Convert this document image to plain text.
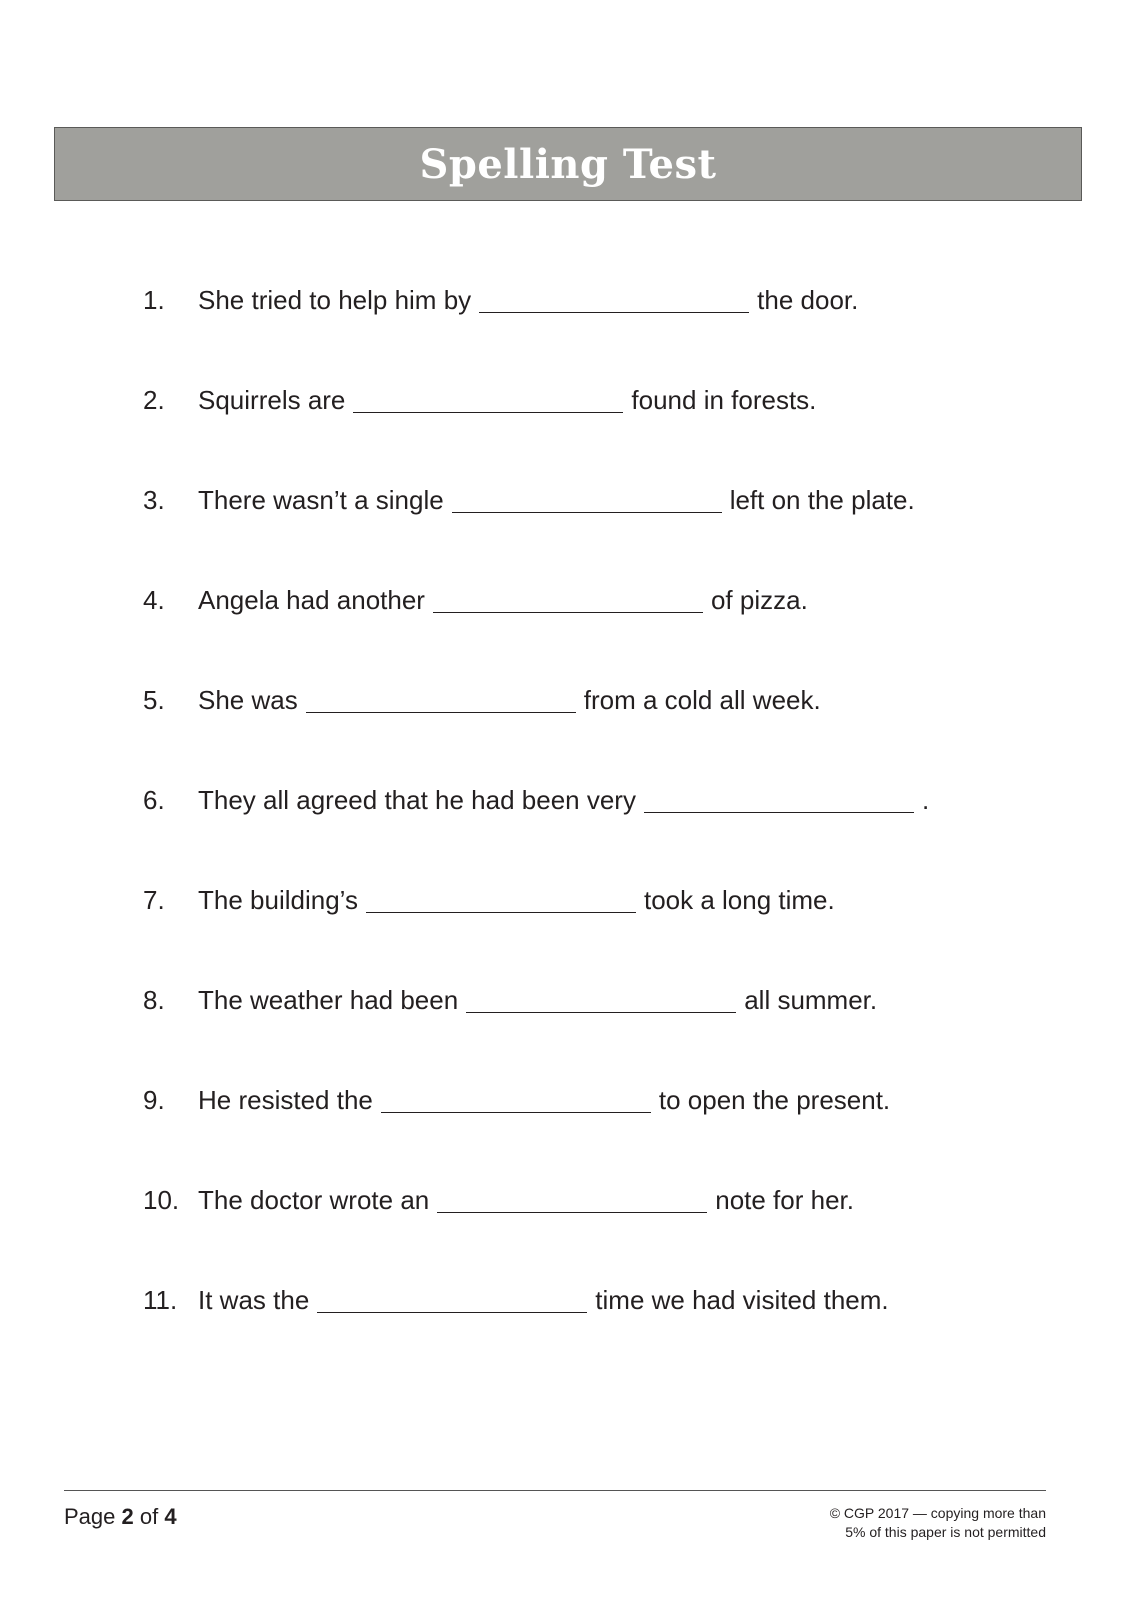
Spelling Test
1. She tried to help him by	the door.
2. Squirrels are	found in forests.
3. There wasn’t a single	left on the plate.
4. Angela had another	of pizza.
5. She was	from a cold all week.
6. They all agreed that he had been very	.
7. The building’s	took a long time.
8. The weather had been	all summer.
9. He resisted the	to open the present.
10. The doctor wrote an	note for her.
11. It was the	time we had visited them.
Page 2 of 4	© CGP 2017 — copying more than
5% of this paper is not permitted
